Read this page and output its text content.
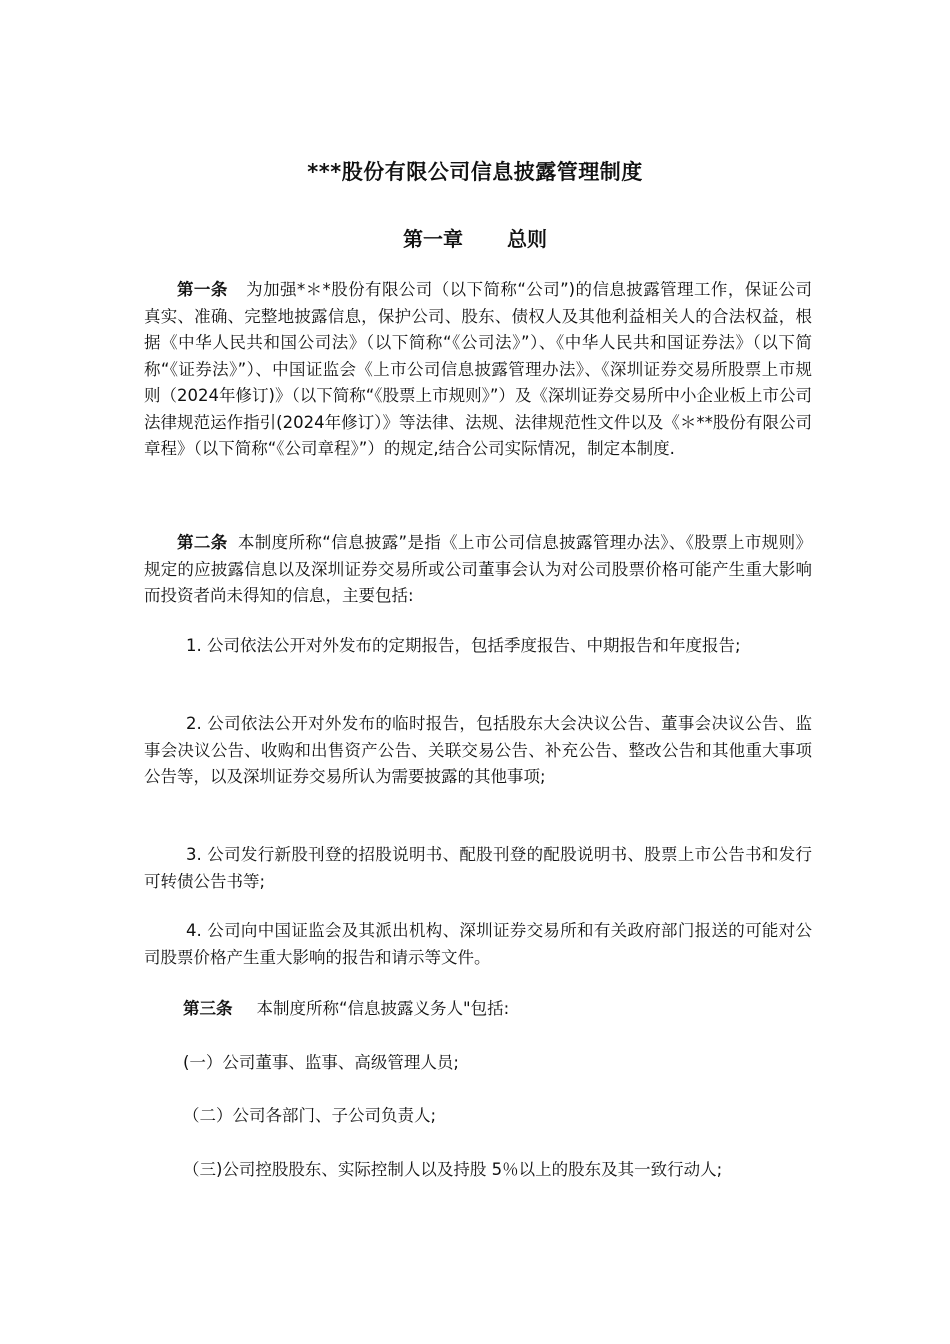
***股份有限公司信息披露管理制度
第一章 总则

第一条 为加强*＊*股份有限公司（以下简称“公司”)的信息披露管理工作，保证公司真实、准确、完整地披露信息，保护公司、股东、债权人及其他利益相关人的合法权益，根据《中华人民共和国公司法》（以下简称“《公司法》”）、《中华人民共和国证券法》（以下简称“《证券法》”）、中国证监会《上市公司信息披露管理办法》、《深圳证券交易所股票上市规则（2024年修订)》（以下简称“《股票上市规则》”）及《深圳证券交易所中小企业板上市公司法律规范运作指引(2024年修订）》等法律、法规、法律规范性文件以及《＊**股份有限公司章程》（以下简称“《公司章程》”）的规定,结合公司实际情况，制定本制度.

第二条 本制度所称“信息披露”是指《上市公司信息披露管理办法》、《股票上市规则》规定的应披露信息以及深圳证券交易所或公司董事会认为对公司股票价格可能产生重大影响而投资者尚未得知的信息，主要包括:

1. 公司依法公开对外发布的定期报告，包括季度报告、中期报告和年度报告;

2. 公司依法公开对外发布的临时报告，包括股东大会决议公告、董事会决议公告、监事会决议公告、收购和出售资产公告、关联交易公告、补充公告、整改公告和其他重大事项公告等，以及深圳证券交易所认为需要披露的其他事项;

3. 公司发行新股刊登的招股说明书、配股刊登的配股说明书、股票上市公告书和发行可转债公告书等;

4. 公司向中国证监会及其派出机构、深圳证券交易所和有关政府部门报送的可能对公司股票价格产生重大影响的报告和请示等文件。

第三条 本制度所称“信息披露义务人"包括:

(一）公司董事、监事、高级管理人员;

（二）公司各部门、子公司负责人;

（三)公司控股股东、实际控制人以及持股 5％以上的股东及其一致行动人;
